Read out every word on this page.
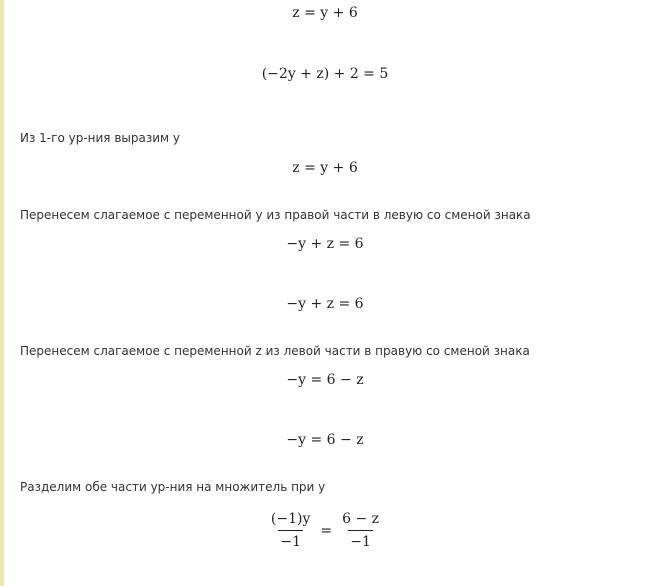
z = y + 6
(−2y + z) + 2 = 5
Из 1-го ур-ния выразим y
z = y + 6
Перенесем слагаемое с переменной y из правой части в левую со сменой знака
−y + z = 6
−y + z = 6
Перенесем слагаемое с переменной z из левой части в правую со сменой знака
−y = 6 − z
−y = 6 − z
Разделим обе части ур-ния на множитель при y
$\frac{(-1)y}{-1} = \frac{6 - z}{-1}$
